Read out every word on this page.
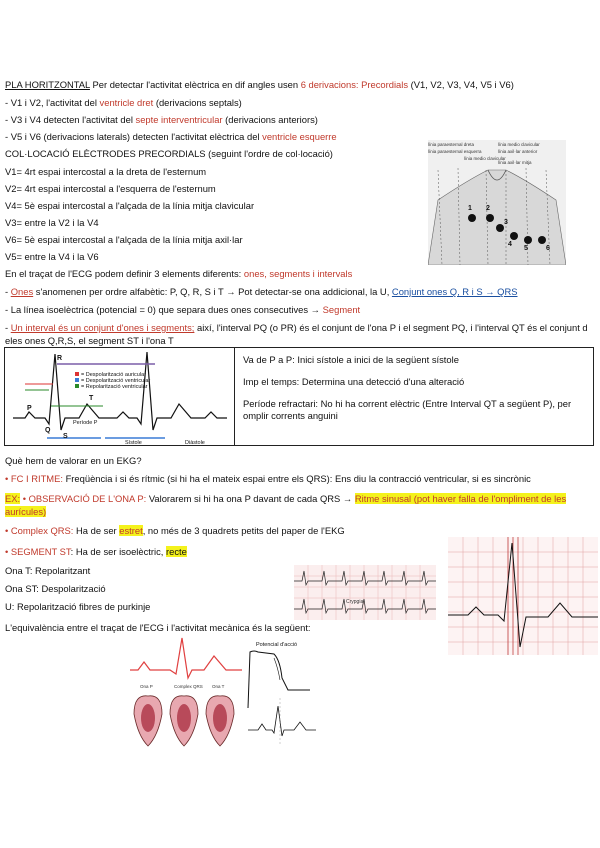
PLA HORITZONTAL Per detectar l'activitat elèctrica en dif angles usen 6 derivacions: Precordials (V1, V2, V3, V4, V5 i V6)
- V1 i V2, l'activitat del ventricle dret (derivacions septals)
- V3 i V4 detecten l'activitat del septe interventricular (derivacions anteriors)
- V5 i V6 (derivacions laterals) detecten l'activitat elèctrica del ventricle esquerre
COL·LOCACIÓ ELÈCTRODES PRECORDIALS (seguint l'ordre de col·locació)
V1= 4rt espai intercostal a la dreta de l'esternum
V2= 4rt espai intercostal a l'esquerra de l'esternum
V4= 5è espai intercostal a l'alçada de la línia mitja clavicular
V3= entre la V2 i la V4
V6= 5è espai intercostal a l'alçada de la línia mitja axil·lar
V5= entre la V4 i la V6
línia paraesternal dreta
línia paraesternal esquerra
línia medio clavicular
línia axil·lar mitja
línia medio clavicular
línia axil·lar anterior
1 2
3
4
5	6
En el traçat de l'ECG podem definir 3 elements diferents: ones, segments i intervals
- Ones s'anomenen per ordre alfabètic: P, Q, R, S i T → Pot detectar-se ona addicional, la U, Conjunt ones Q, R i S → QRS
- La línea isoelèctrica (potencial = 0) que separa dues ones consecutives → Segment
- Un interval és un conjunt d'ones i segments; així, l'interval PQ (o PR) és el conjunt de l'ona P i el segment PQ, i l'interval QT és el conjunt d eles ones Q,R,S, el segment ST i l'ona T
= Despolarització auricular
= Despolarització ventricular
= Repolarització ventricular
Període P
Sístole	Diàstole
R
P
Q
S
T
Va de P a P: Inici sístole a inici de la següent sístole
Imp el temps: Determina una detecció d'una alteració
Període refractari: No hi ha corrent elèctric (Entre Interval QT a següent P), per omplir corrents anguini
Què hem de valorar en un EKG?
• FC I RITME: Freqüència i si és rítmic (si hi ha el mateix espai entre els QRS): Ens diu la contracció ventricular, si es sincrònic
EX: • OBSERVACIÓ DE L'ONA P: Valorarem si hi ha ona P davant de cada QRS → Ritme sinusal (pot haver falla de l'ompliment de les aurícules)
• Complex QRS: Ha de ser estret, no més de 3 quadrets petits del paper de l'EKG
• SEGMENT ST: Ha de ser isoelèctric, recte
Ona T: Repolaritzant
Ona ST: Despolarització
U: Repolarització fibres de purkinje
L'equivalència entre el traçat de l'ECG i l'activitat mecànica és la següent:
Crypgia
Ona P	Complex QRS Ona T
Potencial d'acció
